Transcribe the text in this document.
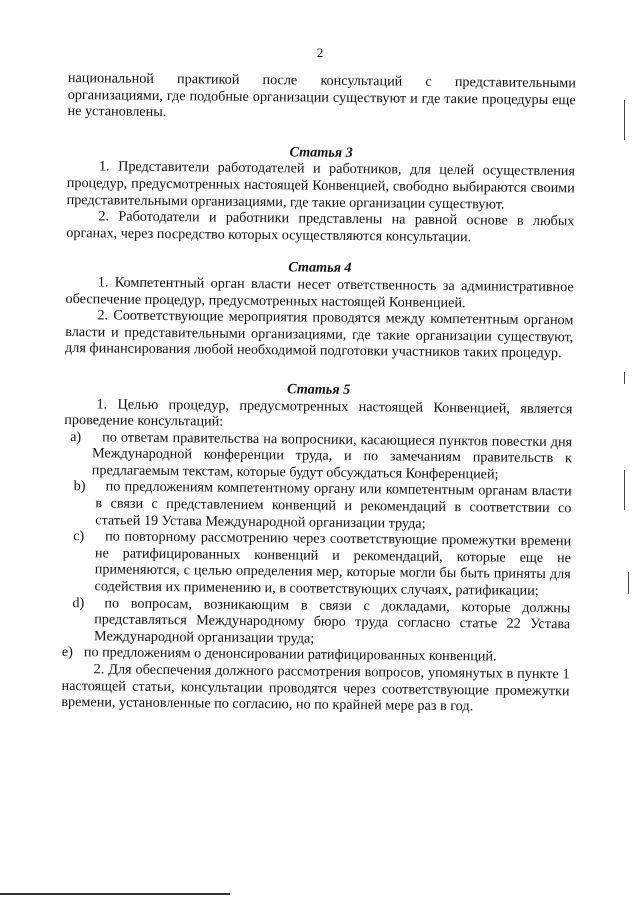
2

национальной практикой после консультаций с представительными организациями, где подобные организации существуют и где такие процедуры еще не установлены.

Статья 3

1. Представители работодателей и работников, для целей осуществления процедур, предусмотренных настоящей Конвенцией, свободно выбираются своими представительными организациями, где такие организации существуют.

2. Работодатели и работники представлены на равной основе в любых органах, через посредство которых осуществляются консультации.

Статья 4

1. Компетентный орган власти несет ответственность за административное обеспечение процедур, предусмотренных настоящей Конвенцией.

2. Соответствующие мероприятия проводятся между компетентным органом власти и представительными организациями, где такие организации существуют, для финансирования любой необходимой подготовки участников таких процедур.

Статья 5

1. Целью процедур, предусмотренных настоящей Конвенцией, является проведение консультаций:

a)	по ответам правительства на вопросники, касающиеся пунктов повестки дня Международной конференции труда, и по замечаниям правительств к предлагаемым текстам, которые будут обсуждаться Конференцией;
b)	по предложениям компетентному органу или компетентным органам власти в связи с представлением конвенций и рекомендаций в соответствии со статьей 19 Устава Международной организации труда;
c)	по повторному рассмотрению через соответствующие промежутки времени не ратифицированных конвенций и рекомендаций, которые еще не применяются, с целью определения мер, которые могли бы быть приняты для содействия их применению и, в соответствующих случаях, ратификации;
d)	по вопросам, возникающим в связи с докладами, которые должны представляться Международному бюро труда согласно статье 22 Устава Международной организации труда;
e) по предложениям о денонсировании ратифицированных конвенций.

2. Для обеспечения должного рассмотрения вопросов, упомянутых в пункте 1 настоящей статьи, консультации проводятся через соответствующие промежутки времени, установленные по согласию, но по крайней мере раз в год.
